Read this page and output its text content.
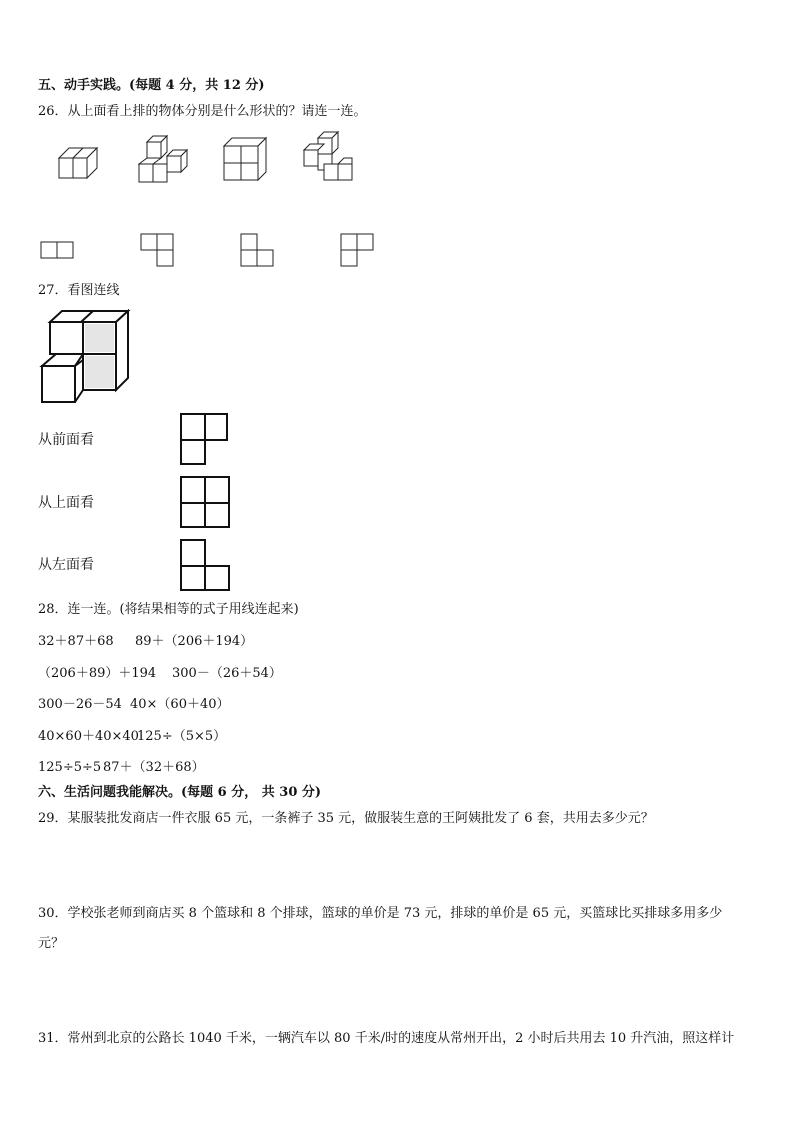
五、动手实践。(每题 4 分，共 12 分)
26．从上面看上排的物体分别是什么形状的？请连一连。
27．看图连线
从前面看
从上面看
从左面看
28．连一连。(将结果相等的式子用线连起来)
32＋87＋68 89＋（206＋194）
（206＋89）＋194 300－（26＋54）
300－26－54 40×（60＋40）
40×60＋40×40
125÷（5×5）
125÷5÷5 87＋（32＋68）
六、生活问题我能解决。(每题 6 分， 共 30 分)
29．某服装批发商店一件衣服 65 元，一条裤子 35 元，做服装生意的王阿姨批发了 6 套，共用去多少元？
30．学校张老师到商店买 8 个篮球和 8 个排球，篮球的单价是 73 元，排球的单价是 65 元，买篮球比买排球多用多少
元？
31．常州到北京的公路长 1040 千米，一辆汽车以 80 千米/时的速度从常州开出，2 小时后共用去 10 升汽油，照这样计
